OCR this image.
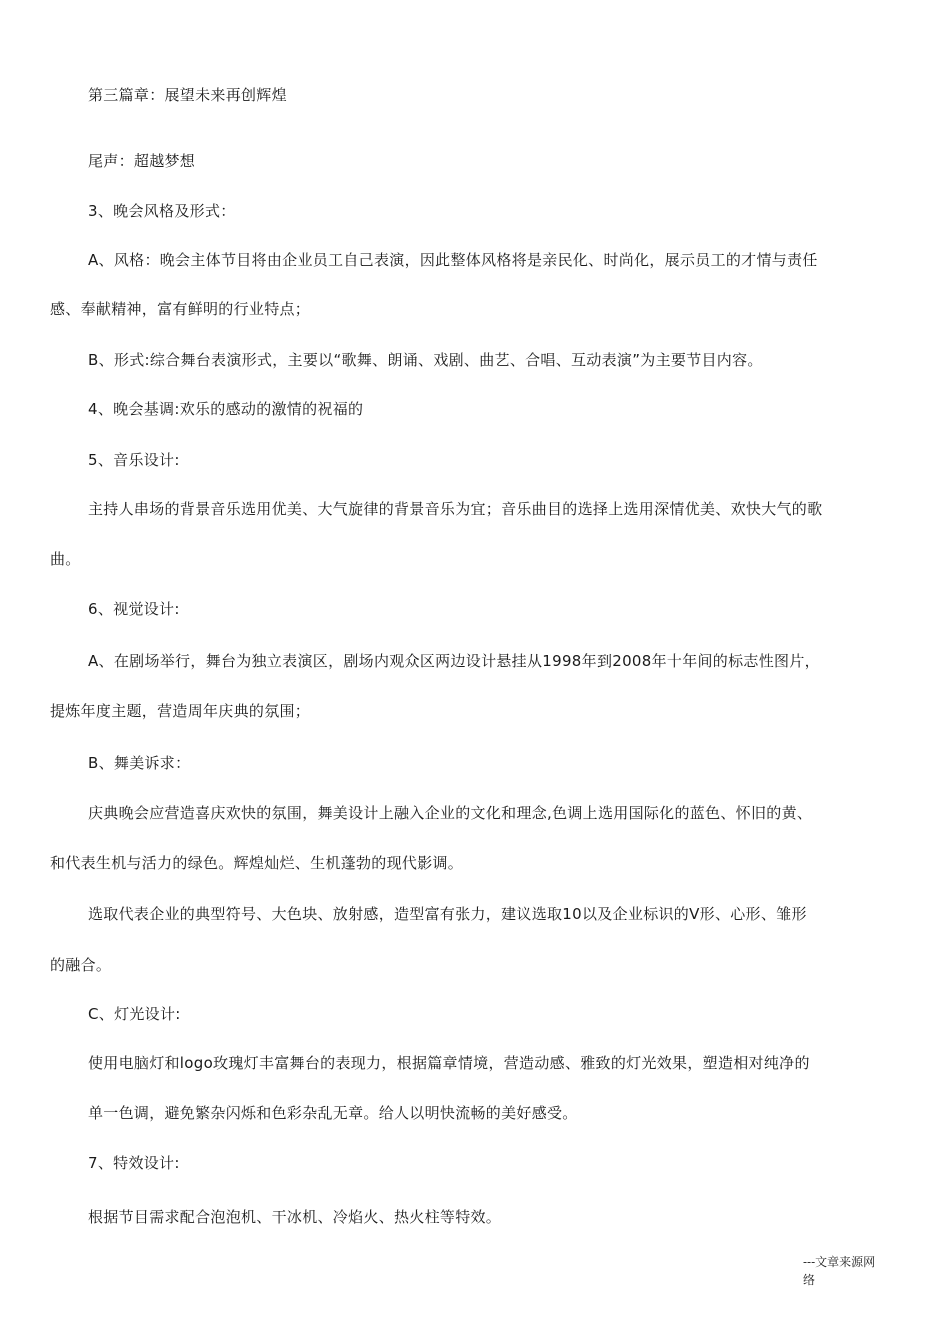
第三篇章：展望未来再创辉煌
尾声：超越梦想
3、晚会风格及形式：
A、风格：晚会主体节目将由企业员工自己表演，因此整体风格将是亲民化、时尚化，展示员工的才情与责任
感、奉献精神，富有鲜明的行业特点；
B、形式:综合舞台表演形式，主要以“歌舞、朗诵、戏剧、曲艺、合唱、互动表演”为主要节目内容。
4、晚会基调:欢乐的感动的激情的祝福的
5、音乐设计:
主持人串场的背景音乐选用优美、大气旋律的背景音乐为宜；音乐曲目的选择上选用深情优美、欢快大气的歌
曲。
6、视觉设计:
A、在剧场举行，舞台为独立表演区，剧场内观众区两边设计悬挂从1998年到2008年十年间的标志性图片，
提炼年度主题，营造周年庆典的氛围；
B、舞美诉求：
庆典晚会应营造喜庆欢快的氛围，舞美设计上融入企业的文化和理念,色调上选用国际化的蓝色、怀旧的黄、
和代表生机与活力的绿色。辉煌灿烂、生机蓬勃的现代影调。
选取代表企业的典型符号、大色块、放射感，造型富有张力，建议选取10以及企业标识的V形、心形、雏形
的融合。
C、灯光设计:
使用电脑灯和logo玫瑰灯丰富舞台的表现力，根据篇章情境，营造动感、雅致的灯光效果，塑造相对纯净的
单一色调，避免繁杂闪烁和色彩杂乱无章。给人以明快流畅的美好感受。
7、特效设计:
根据节目需求配合泡泡机、干冰机、冷焰火、热火柱等特效。
---文章来源网
络
